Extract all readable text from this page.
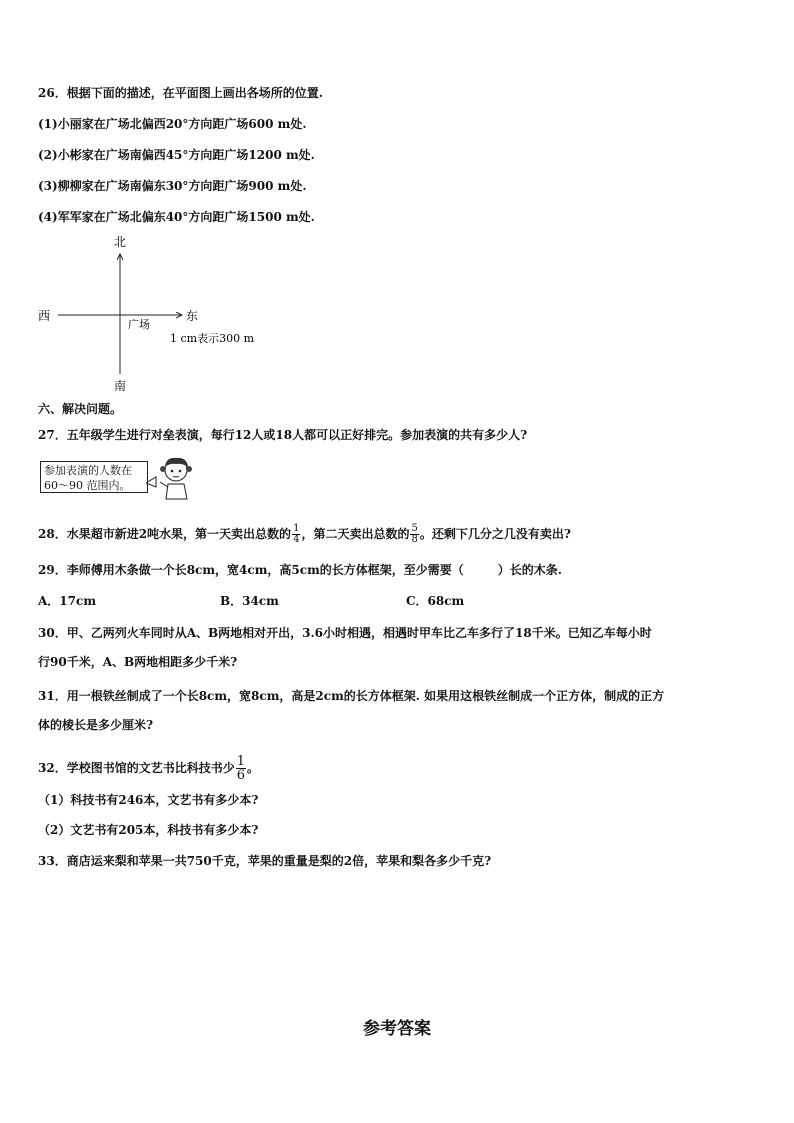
26．根据下面的描述，在平面图上画出各场所的位置.
(1)小丽家在广场北偏西20°方向距广场600 m处.
(2)小彬家在广场南偏西45°方向距广场1200 m处.
(3)柳柳家在广场南偏东30°方向距广场900 m处.
(4)军军家在广场北偏东40°方向距广场1500 m处.
北
南
西	东
广场
1 cm表示300 m
六、解决问题。
27．五年级学生进行对垒表演，每行12人或18人都可以正好排完。参加表演的共有多少人?
参加表演的人数在
60～90 范围内。
28．水果超市新进2吨水果，第一天卖出总数的 $\frac{1}{4}$ ，第二天卖出总数的 $\frac{5}{8}$ 。还剩下几分之几没有卖出?
29．李师傅用木条做一个长8cm，宽4cm，高5cm的长方体框架，至少需要（	）长的木条.
A．17cm	B．34cm	C．68cm
30．甲、乙两列火车同时从A、B两地相对开出，3.6小时相遇，相遇时甲车比乙车多行了18千米。已知乙车每小时
行90千米，A、B两地相距多少千米?
31．用一根铁丝制成了一个长8cm，宽8cm，高是2cm的长方体框架. 如果用这根铁丝制成一个正方体，制成的正方
体的棱长是多少厘米?
32．学校图书馆的文艺书比科技书少 $\frac{1}{6}$ 。
（1）科技书有246本，文艺书有多少本?
（2）文艺书有205本，科技书有多少本?
33．商店运来梨和苹果一共750千克，苹果的重量是梨的2倍，苹果和梨各多少千克?
参考答案
